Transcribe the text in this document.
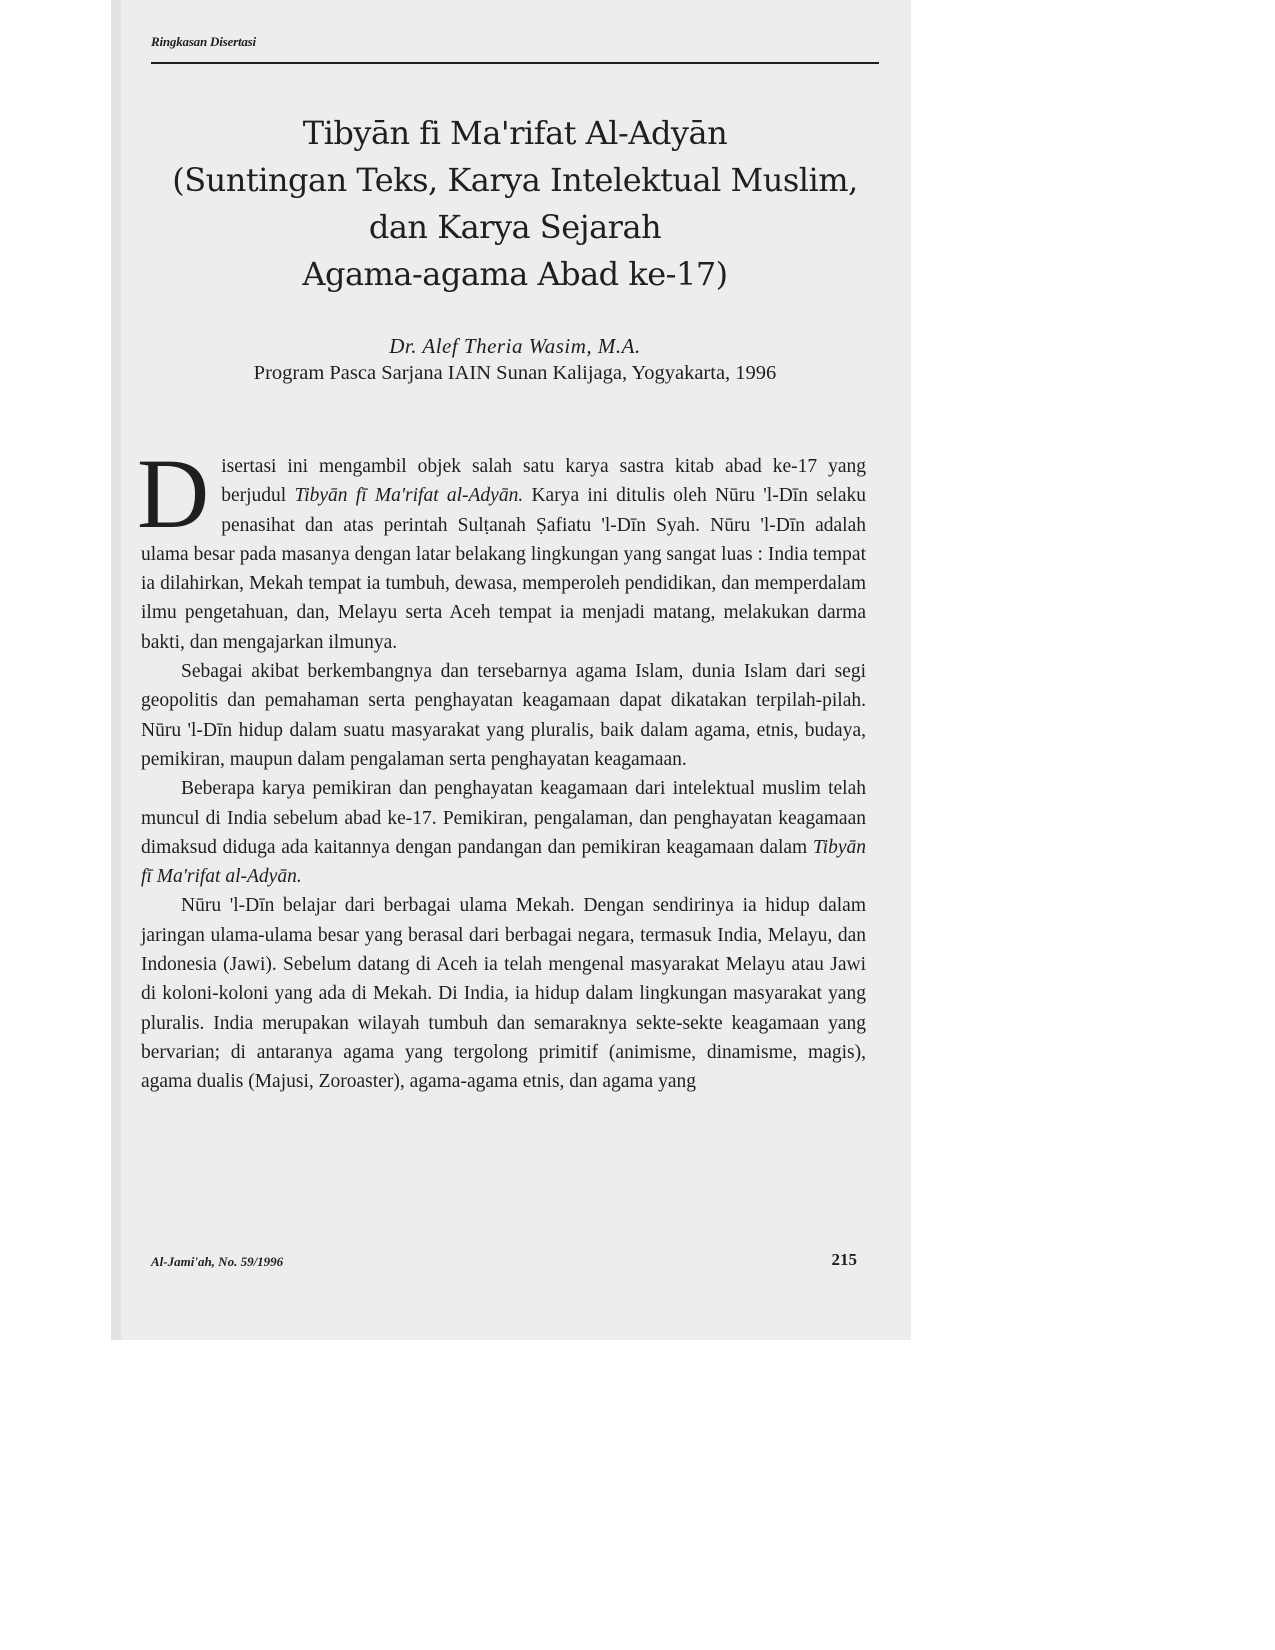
Ringkasan Disertasi
Tibyān fi Ma'rifat Al-Adyān
(Suntingan Teks, Karya Intelektual Muslim,
dan Karya Sejarah
Agama-agama Abad ke-17)
Dr. Alef Theria Wasim, M.A.
Program Pasca Sarjana IAIN Sunan Kalijaga, Yogyakarta, 1996

Disertasi ini mengambil objek salah satu karya sastra kitab abad ke-17 yang berjudul Tibyān fī Ma'rifat al-Adyān. Karya ini ditulis oleh Nūru 'l-Dīn selaku penasihat dan atas perintah Sulṭanah Ṣafiatu 'l-Dīn Syah. Nūru 'l-Dīn adalah ulama besar pada masanya dengan latar belakang lingkungan yang sangat luas : India tempat ia dilahirkan, Mekah tempat ia tumbuh, dewasa, memperoleh pendidikan, dan memperdalam ilmu pengetahuan, dan, Melayu serta Aceh tempat ia menjadi matang, melakukan darma bakti, dan mengajarkan ilmunya.

Sebagai akibat berkembangnya dan tersebarnya agama Islam, dunia Islam dari segi geopolitis dan pemahaman serta penghayatan keagamaan dapat dikatakan terpilah-pilah. Nūru 'l-Dīn hidup dalam suatu masyarakat yang pluralis, baik dalam agama, etnis, budaya, pemikiran, maupun dalam pengalaman serta penghayatan keagamaan.

Beberapa karya pemikiran dan penghayatan keagamaan dari intelektual muslim telah muncul di India sebelum abad ke-17. Pemikiran, pengalaman, dan penghayatan keagamaan dimaksud diduga ada kaitannya dengan pandangan dan pemikiran keagamaan dalam Tibyān fī Ma'rifat al-Adyān.

Nūru 'l-Dīn belajar dari berbagai ulama Mekah. Dengan sendirinya ia hidup dalam jaringan ulama-ulama besar yang berasal dari berbagai negara, termasuk India, Melayu, dan Indonesia (Jawi). Sebelum datang di Aceh ia telah mengenal masyarakat Melayu atau Jawi di koloni-koloni yang ada di Mekah. Di India, ia hidup dalam lingkungan masyarakat yang pluralis. India merupakan wilayah tumbuh dan semaraknya sekte-sekte keagamaan yang bervarian; di antaranya agama yang tergolong primitif (animisme, dinamisme, magis), agama dualis (Majusi, Zoroaster), agama-agama etnis, dan agama yang

Al-Jami'ah, No. 59/1996	215
